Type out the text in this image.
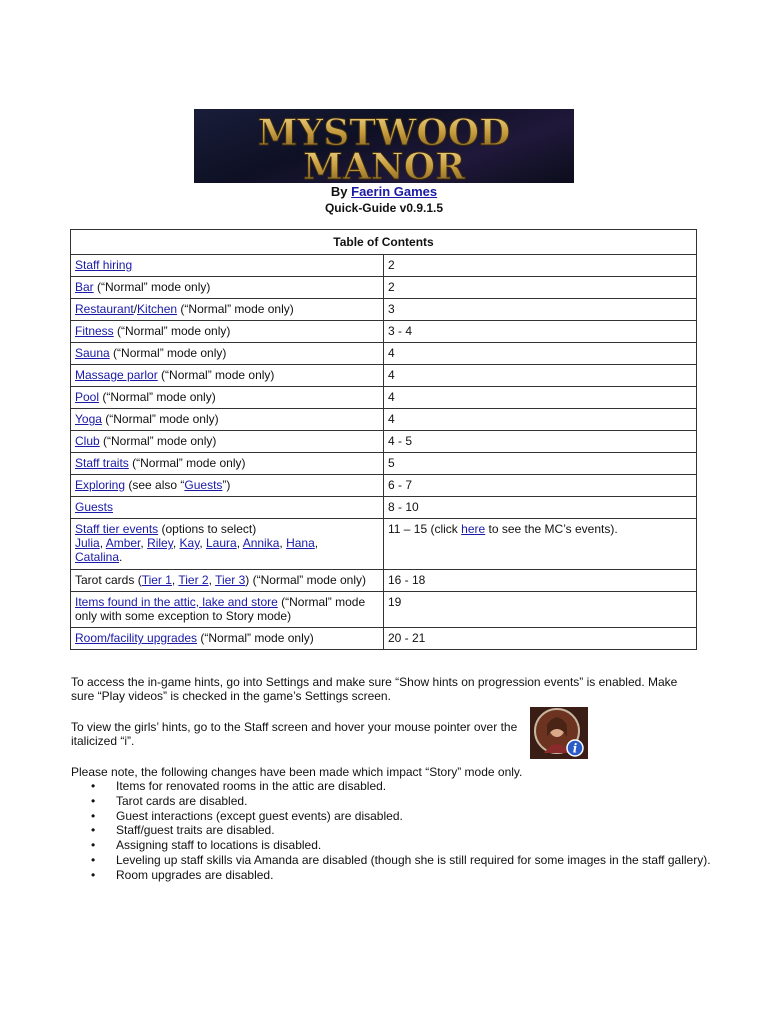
MYSTWOOD
MANOR
By Faerin Games
Quick-Guide v0.9.1.5
Table of Contents	
Staff hiring	2
Bar (“Normal” mode only)	2
Restaurant/Kitchen (“Normal” mode only)	3
Fitness (“Normal” mode only)	3 - 4
Sauna (“Normal” mode only)	4
Massage parlor (“Normal” mode only)	4
Pool (“Normal” mode only)	4
Yoga (“Normal” mode only)	4
Club (“Normal” mode only)	4 - 5
Staff traits (“Normal” mode only)	5
Exploring (see also “Guests”)	6 - 7
Guests	8 - 10
Staff tier events (options to select)
Julia, Amber, Riley, Kay, Laura, Annika, Hana,
Catalina.	11 – 15 (click here to see the MC’s events).
Tarot cards (Tier 1, Tier 2, Tier 3) (“Normal” mode only)	16 - 18
Items found in the attic, lake and store (“Normal” mode only with some exception to Story mode)	19
Room/facility upgrades (“Normal” mode only)	20 - 21
To access the in-game hints, go into Settings and make sure “Show hints on progression events” is enabled. Make sure “Play videos” is checked in the game’s Settings screen.
To view the girls’ hints, go to the Staff screen and hover your mouse pointer over the italicized “i”.
i
Please note, the following changes have been made which impact “Story” mode only.
• Items for renovated rooms in the attic are disabled.
• Tarot cards are disabled.
• Guest interactions (except guest events) are disabled.
• Staff/guest traits are disabled.
• Assigning staff to locations is disabled.
• Leveling up staff skills via Amanda are disabled (though she is still required for some images in the staff gallery).
• Room upgrades are disabled.
